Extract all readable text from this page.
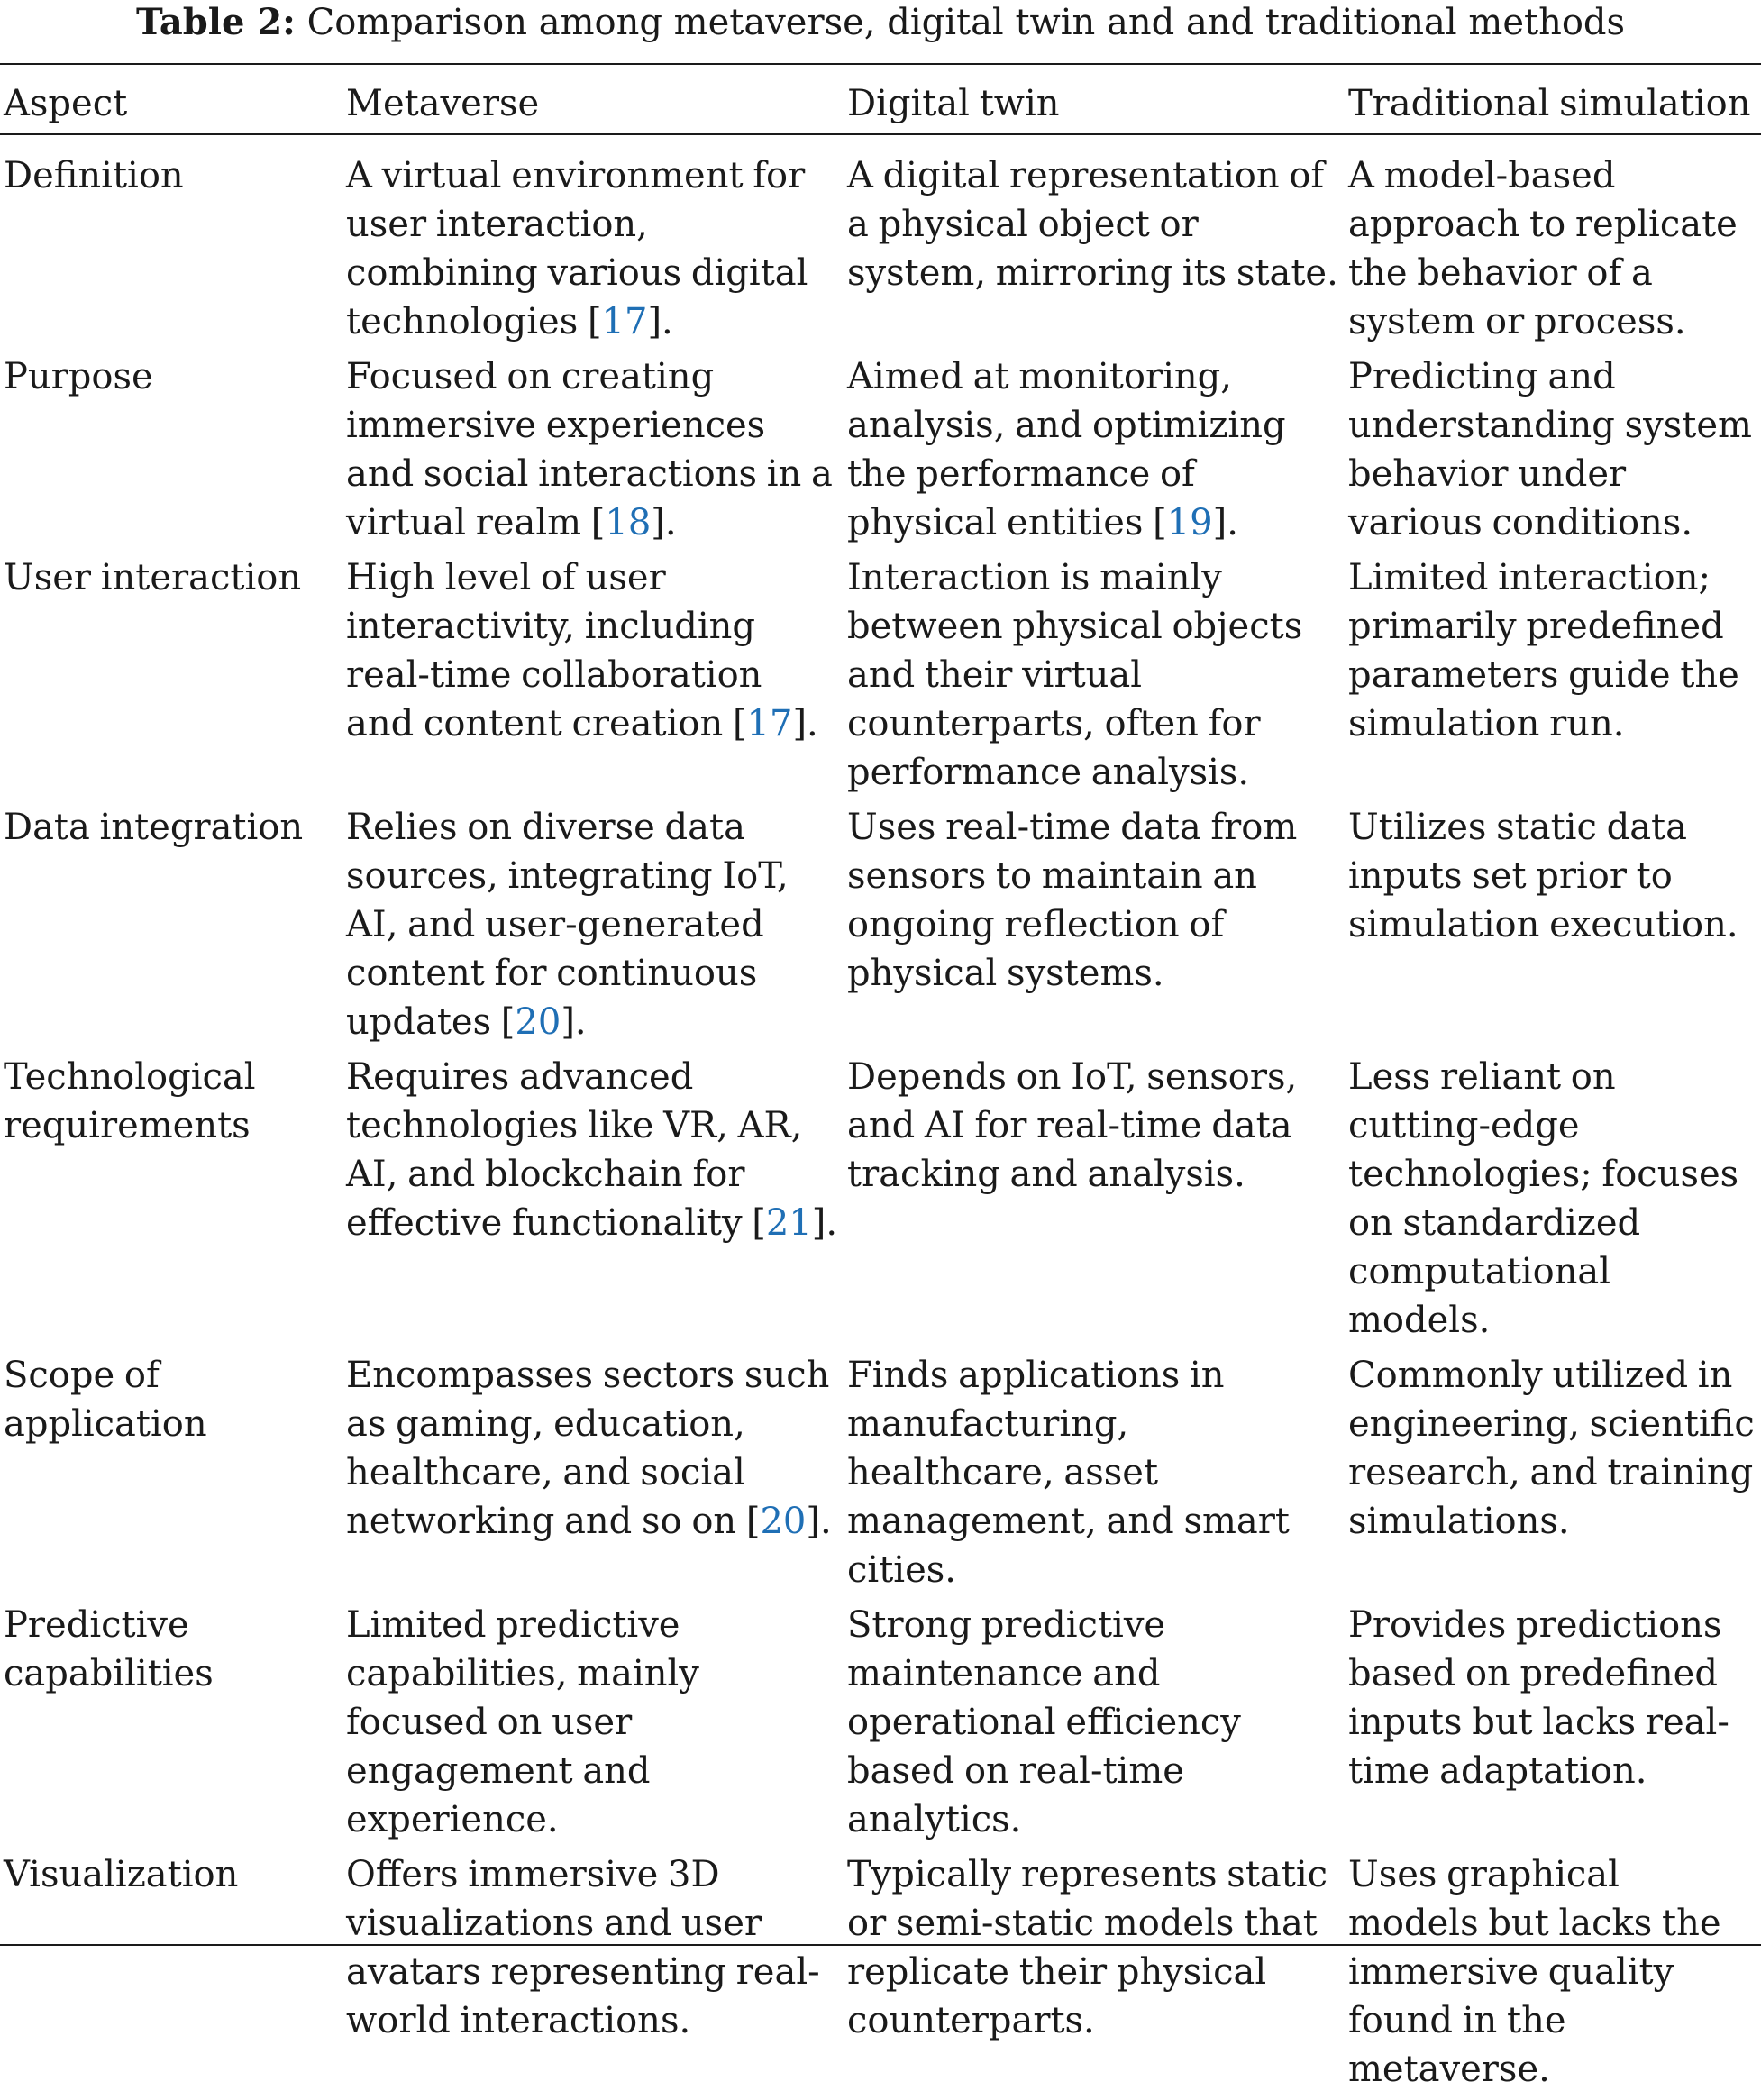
Table 2: Comparison among metaverse, digital twin and and traditional methods
Aspect	Metaverse	Digital twin	Traditional simulation
Definition	A virtual environment for user interaction, combining various digital technologies [17].	A digital representation of a physical object or system, mirroring its state.	A model-based approach to replicate the behavior of a system or process.
Purpose	Focused on creating immersive experiences and social interactions in a virtual realm [18].	Aimed at monitoring, analysis, and optimizing the performance of physical entities [19].	Predicting and understanding system behavior under various conditions.
User interaction	High level of user interactivity, including real-time collaboration and content creation [17].	Interaction is mainly between physical objects and their virtual counterparts, often for performance analysis.	Limited interaction; primarily predefined parameters guide the simulation run.
Data integration	Relies on diverse data sources, integrating IoT, AI, and user-generated content for continuous updates [20].	Uses real-time data from sensors to maintain an ongoing reflection of physical systems.	Utilizes static data inputs set prior to simulation execution.
Technological requirements	Requires advanced technologies like VR, AR, AI, and blockchain for effective functionality [21].	Depends on IoT, sensors, and AI for real-time data tracking and analysis.	Less reliant on cutting-edge technologies; focuses on standardized computational models.
Scope of application	Encompasses sectors such as gaming, education, healthcare, and social networking and so on [20].	Finds applications in manufacturing, healthcare, asset management, and smart cities.	Commonly utilized in engineering, scientific research, and training simulations.
Predictive capabilities	Limited predictive capabilities, mainly focused on user engagement and experience.	Strong predictive maintenance and operational efficiency based on real-time analytics.	Provides predictions based on predefined inputs but lacks real-time adaptation.
Visualization	Offers immersive 3D visualizations and user avatars representing real-world interactions.	Typically represents static or semi-static models that replicate their physical counterparts.	Uses graphical models but lacks the immersive quality found in the metaverse.
